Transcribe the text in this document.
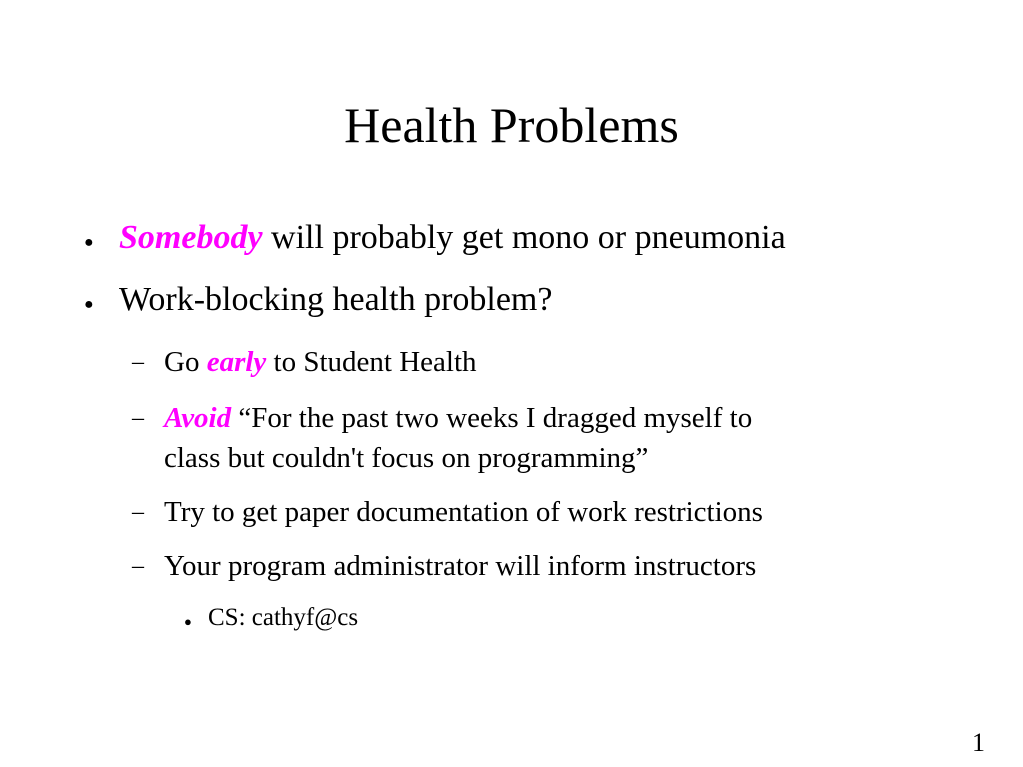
Health Problems
● Somebody will probably get mono or pneumonia
● Work-blocking health problem?
– Go early to Student Health
– Avoid “For the past two weeks I dragged myself to
class but couldn't focus on programming”
– Try to get paper documentation of work restrictions
– Your program administrator will inform instructors
● CS: cathyf@cs
1
